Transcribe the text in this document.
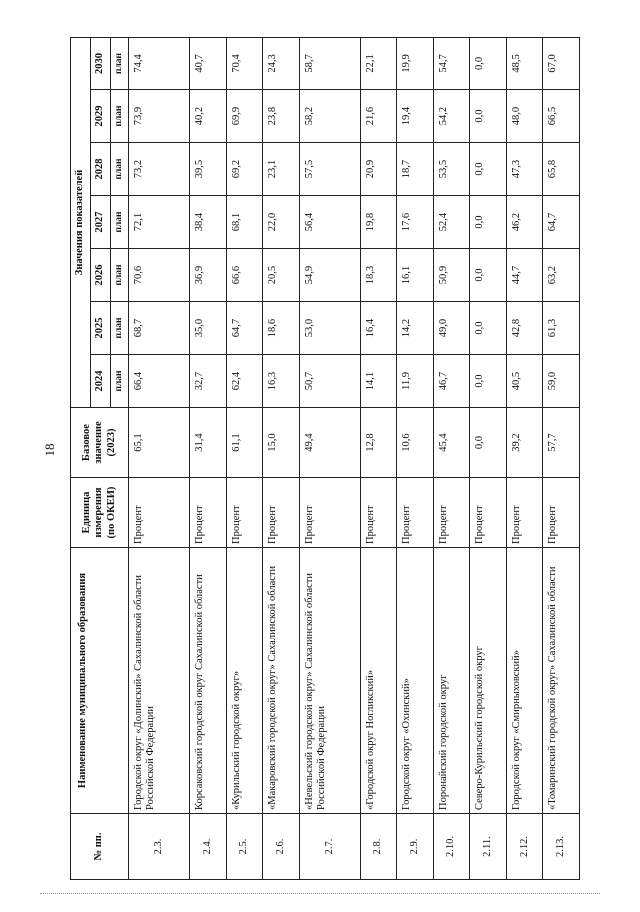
18
№ пп.	Наименование муниципального образования	Единица измерения (по ОКЕИ)	Базовое значение (2023)	Значения показателей						
				2024	2025	2026	2027	2028	2029	2030
				план	план	план	план	план	план	план
2.3.	Городской округ «Долинский» Сахалинской области Российской Федерации	Процент	65,1	66,4	68,7	70,6	72,1	73,2	73,9	74,4
2.4.	Корсаковский городской округ Сахалинской области	Процент	31,4	32,7	35,0	36,9	38,4	39,5	40,2	40,7
2.5.	«Курильский городской округ»	Процент	61,1	62,4	64,7	66,6	68,1	69,2	69,9	70,4
2.6.	«Макаровский городской округ» Сахалинской области	Процент	15,0	16,3	18,6	20,5	22,0	23,1	23,8	24,3
2.7.	«Невельский городской округ» Сахалинской области Российской Федерации	Процент	49,4	50,7	53,0	54,9	56,4	57,5	58,2	58,7
2.8.	«Городской округ Ногликский»	Процент	12,8	14,1	16,4	18,3	19,8	20,9	21,6	22,1
2.9.	Городской округ «Охинский»	Процент	10,6	11,9	14,2	16,1	17,6	18,7	19,4	19,9
2.10.	Поронайский городской округ	Процент	45,4	46,7	49,0	50,9	52,4	53,5	54,2	54,7
2.11.	Северо-Курильский городской округ	Процент	0,0	0,0	0,0	0,0	0,0	0,0	0,0	0,0
2.12.	Городской округ «Смирныховский»	Процент	39,2	40,5	42,8	44,7	46,2	47,3	48,0	48,5
2.13.	«Томаринский городской округ» Сахалинской области	Процент	57,7	59,0	61,3	63,2	64,7	65,8	66,5	67,0
